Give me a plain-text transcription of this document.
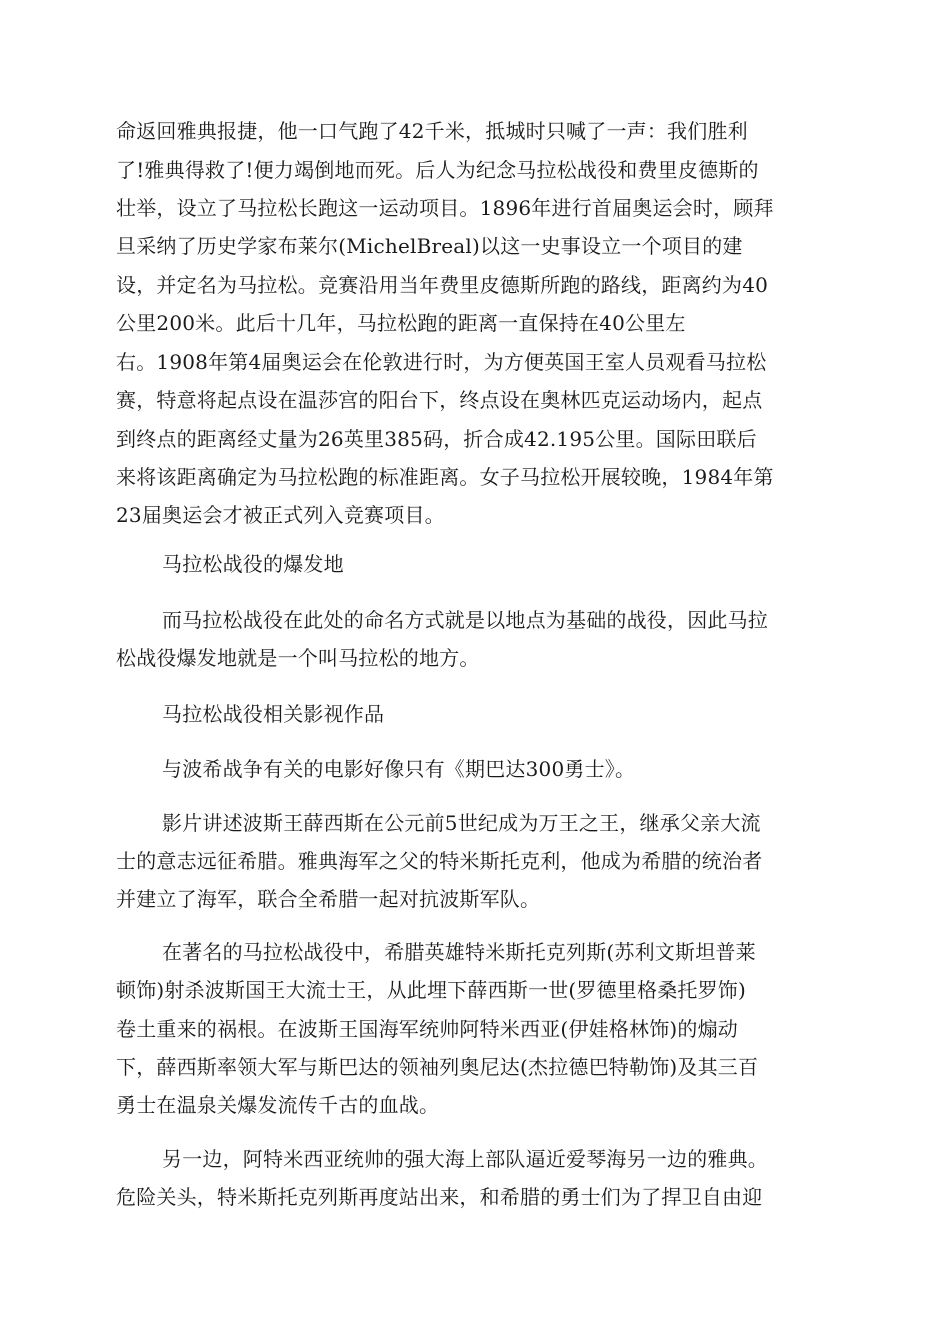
命返回雅典报捷，他一口气跑了42千米，抵城时只喊了一声：我们胜利
了!雅典得救了!便力竭倒地而死。后人为纪念马拉松战役和费里皮德斯的
壮举，设立了马拉松长跑这一运动项目。1896年进行首届奥运会时，顾拜
旦采纳了历史学家布莱尔(MichelBreal)以这一史事设立一个项目的建
设，并定名为马拉松。竞赛沿用当年费里皮德斯所跑的路线，距离约为40
公里200米。此后十几年，马拉松跑的距离一直保持在40公里左
右。1908年第4届奥运会在伦敦进行时，为方便英国王室人员观看马拉松
赛，特意将起点设在温莎宫的阳台下，终点设在奥林匹克运动场内，起点
到终点的距离经丈量为26英里385码，折合成42.195公里。国际田联后
来将该距离确定为马拉松跑的标准距离。女子马拉松开展较晚，1984年第
23届奥运会才被正式列入竞赛项目。
马拉松战役的爆发地
而马拉松战役在此处的命名方式就是以地点为基础的战役，因此马拉
松战役爆发地就是一个叫马拉松的地方。
马拉松战役相关影视作品
与波希战争有关的电影好像只有《期巴达300勇士》。
影片讲述波斯王薛西斯在公元前5世纪成为万王之王，继承父亲大流
士的意志远征希腊。雅典海军之父的特米斯托克利，他成为希腊的统治者
并建立了海军，联合全希腊一起对抗波斯军队。
在著名的马拉松战役中，希腊英雄特米斯托克列斯(苏利文斯坦普莱
顿饰)射杀波斯国王大流士王，从此埋下薛西斯一世(罗德里格桑托罗饰)
卷土重来的祸根。在波斯王国海军统帅阿特米西亚(伊娃格林饰)的煽动
下，薛西斯率领大军与斯巴达的领袖列奥尼达(杰拉德巴特勒饰)及其三百
勇士在温泉关爆发流传千古的血战。
另一边，阿特米西亚统帅的强大海上部队逼近爱琴海另一边的雅典。
危险关头，特米斯托克列斯再度站出来，和希腊的勇士们为了捍卫自由迎
